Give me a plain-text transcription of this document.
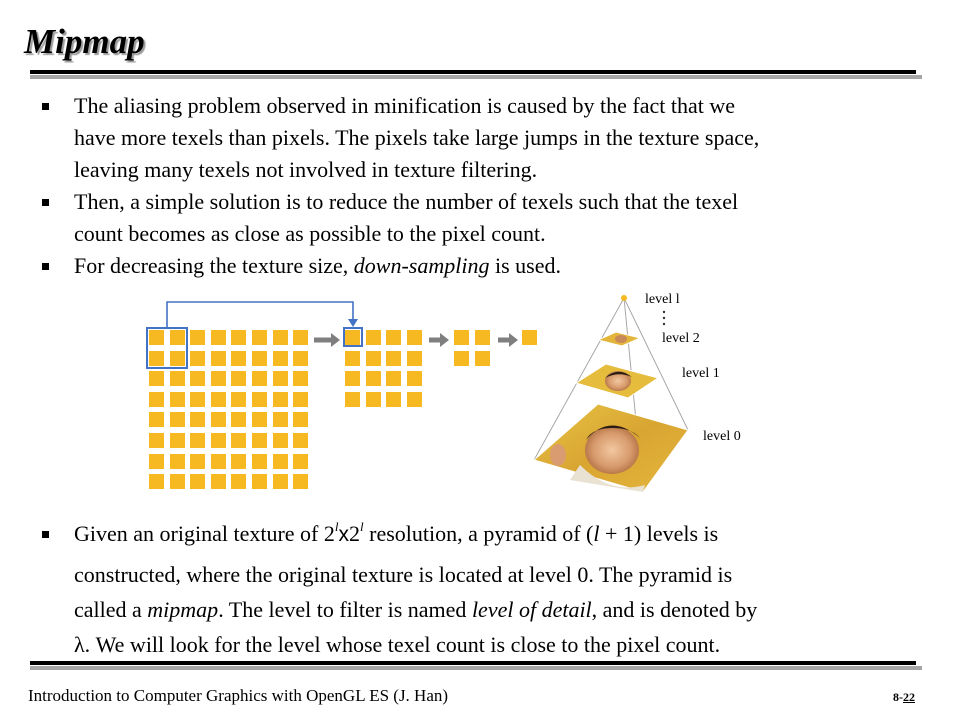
Mipmap
The aliasing problem observed in minification is caused by the fact that we
have more texels than pixels. The pixels take large jumps in the texture space,
leaving many texels not involved in texture filtering.
Then, a simple solution is to reduce the number of texels such that the texel
count becomes as close as possible to the pixel count.
For decreasing the texture size, down-sampling is used.
level l
level 2
level 1
level 0
Given an original texture of 2$^l$x2$^l$ resolution, a pyramid of (l + 1) levels is
constructed, where the original texture is located at level 0. The pyramid is
called a mipmap. The level to filter is named level of detail, and is denoted by
λ. We will look for the level whose texel count is close to the pixel count.
Introduction to Computer Graphics with OpenGL ES (J. Han)	8-22
